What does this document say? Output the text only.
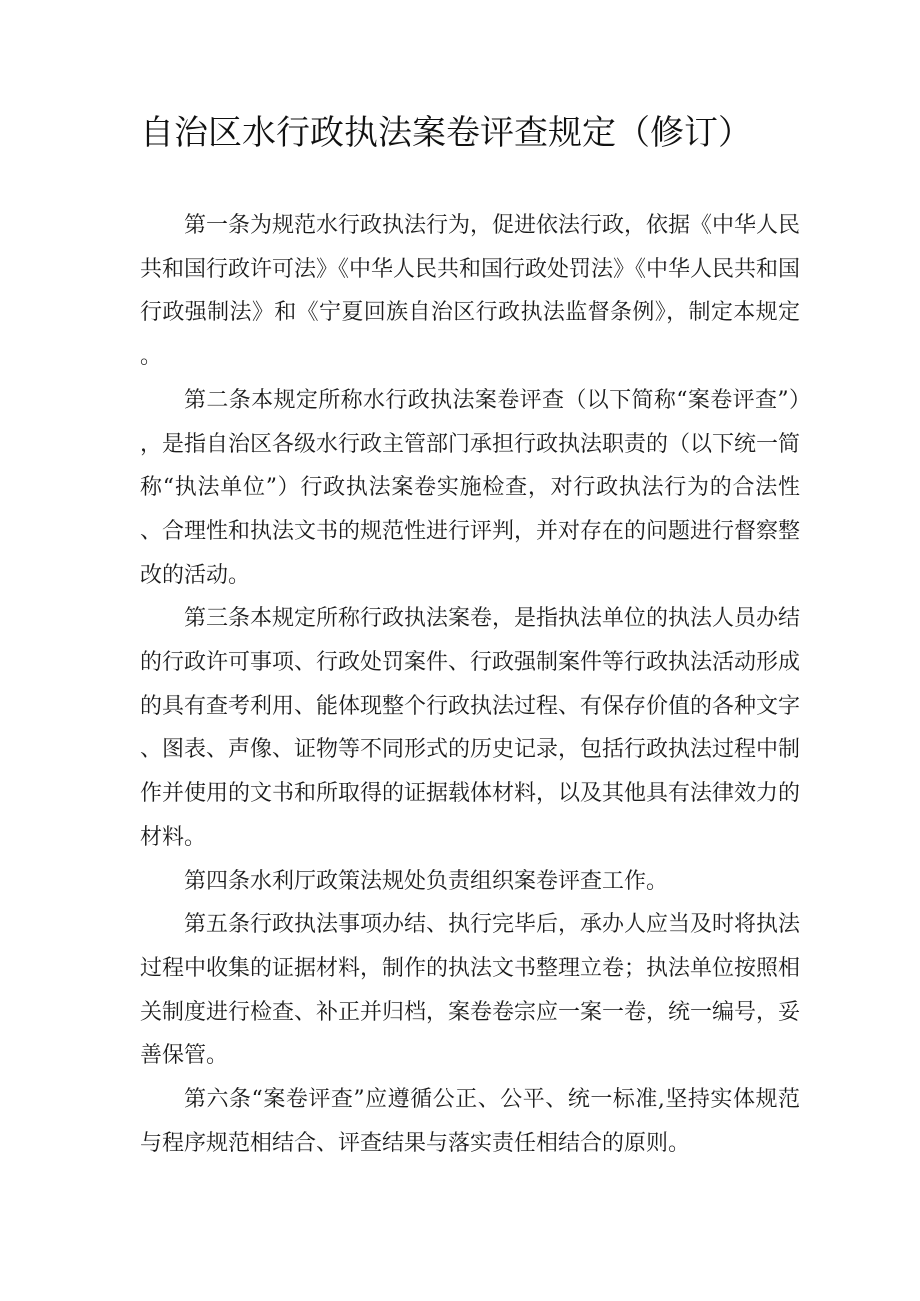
自治区水行政执法案卷评查规定（修订）

第一条为规范水行政执法行为，促进依法行政，依据《中华人民共和国行政许可法》《中华人民共和国行政处罚法》《中华人民共和国行政强制法》和《宁夏回族自治区行政执法监督条例》，制定本规定。

第二条本规定所称水行政执法案卷评查（以下简称“案卷评查”），是指自治区各级水行政主管部门承担行政执法职责的（以下统一简称“执法单位”）行政执法案卷实施检查，对行政执法行为的合法性、合理性和执法文书的规范性进行评判，并对存在的问题进行督察整改的活动。

第三条本规定所称行政执法案卷，是指执法单位的执法人员办结的行政许可事项、行政处罚案件、行政强制案件等行政执法活动形成的具有查考利用、能体现整个行政执法过程、有保存价值的各种文字、图表、声像、证物等不同形式的历史记录，包括行政执法过程中制作并使用的文书和所取得的证据载体材料，以及其他具有法律效力的材料。

第四条水利厅政策法规处负责组织案卷评查工作。

第五条行政执法事项办结、执行完毕后，承办人应当及时将执法过程中收集的证据材料，制作的执法文书整理立卷；执法单位按照相关制度进行检查、补正并归档，案卷卷宗应一案一卷，统一编号，妥善保管。

第六条“案卷评查”应遵循公正、公平、统一标准,坚持实体规范与程序规范相结合、评查结果与落实责任相结合的原则。
